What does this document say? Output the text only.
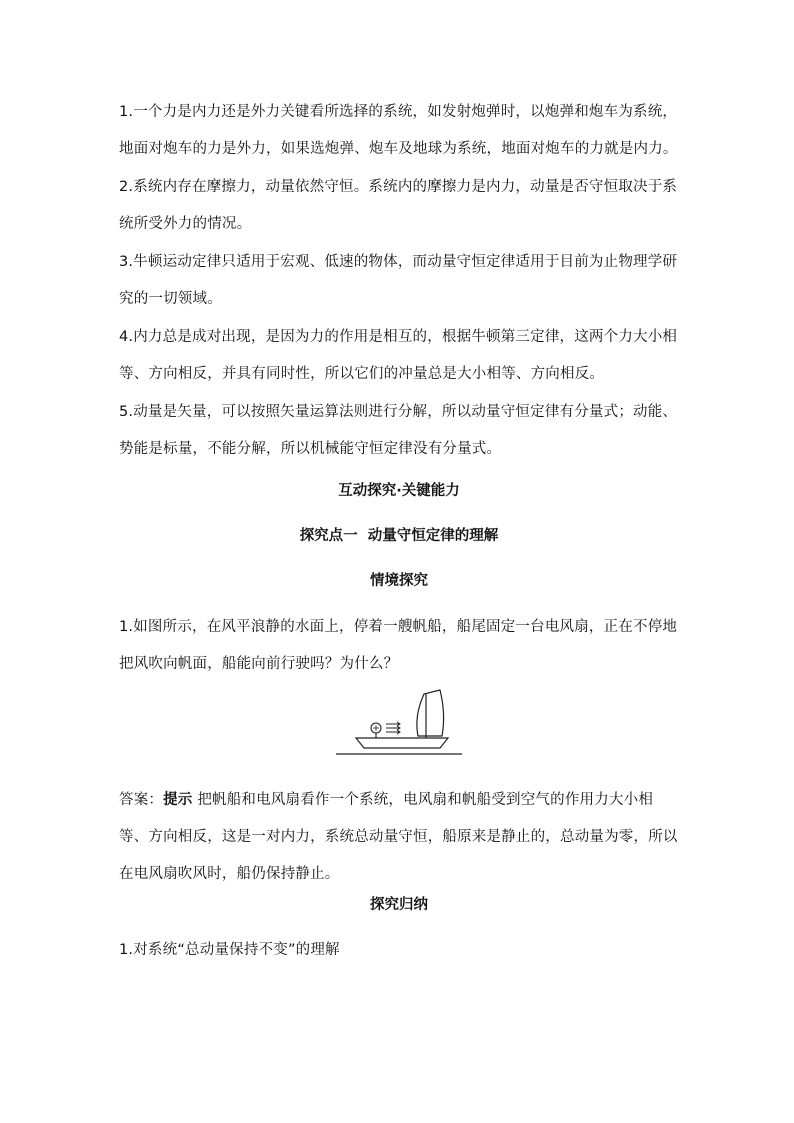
1.一个力是内力还是外力关键看所选择的系统，如发射炮弹时，以炮弹和炮车为系统，地面对炮车的力是外力，如果选炮弹、炮车及地球为系统，地面对炮车的力就是内力。

2.系统内存在摩擦力，动量依然守恒。系统内的摩擦力是内力，动量是否守恒取决于系统所受外力的情况。

3.牛顿运动定律只适用于宏观、低速的物体，而动量守恒定律适用于目前为止物理学研究的一切领域。

4.内力总是成对出现，是因为力的作用是相互的，根据牛顿第三定律，这两个力大小相等、方向相反，并具有同时性，所以它们的冲量总是大小相等、方向相反。

5.动量是矢量，可以按照矢量运算法则进行分解，所以动量守恒定律有分量式；动能、势能是标量，不能分解，所以机械能守恒定律没有分量式。

互动探究·关键能力

探究点一  动量守恒定律的理解

情境探究

1.如图所示，在风平浪静的水面上，停着一艘帆船，船尾固定一台电风扇，正在不停地把风吹向帆面，船能向前行驶吗？为什么？

答案：提示 把帆船和电风扇看作一个系统，电风扇和帆船受到空气的作用力大小相等、方向相反，这是一对内力，系统总动量守恒，船原来是静止的，总动量为零，所以在电风扇吹风时，船仍保持静止。

探究归纳

1.对系统“总动量保持不变”的理解
